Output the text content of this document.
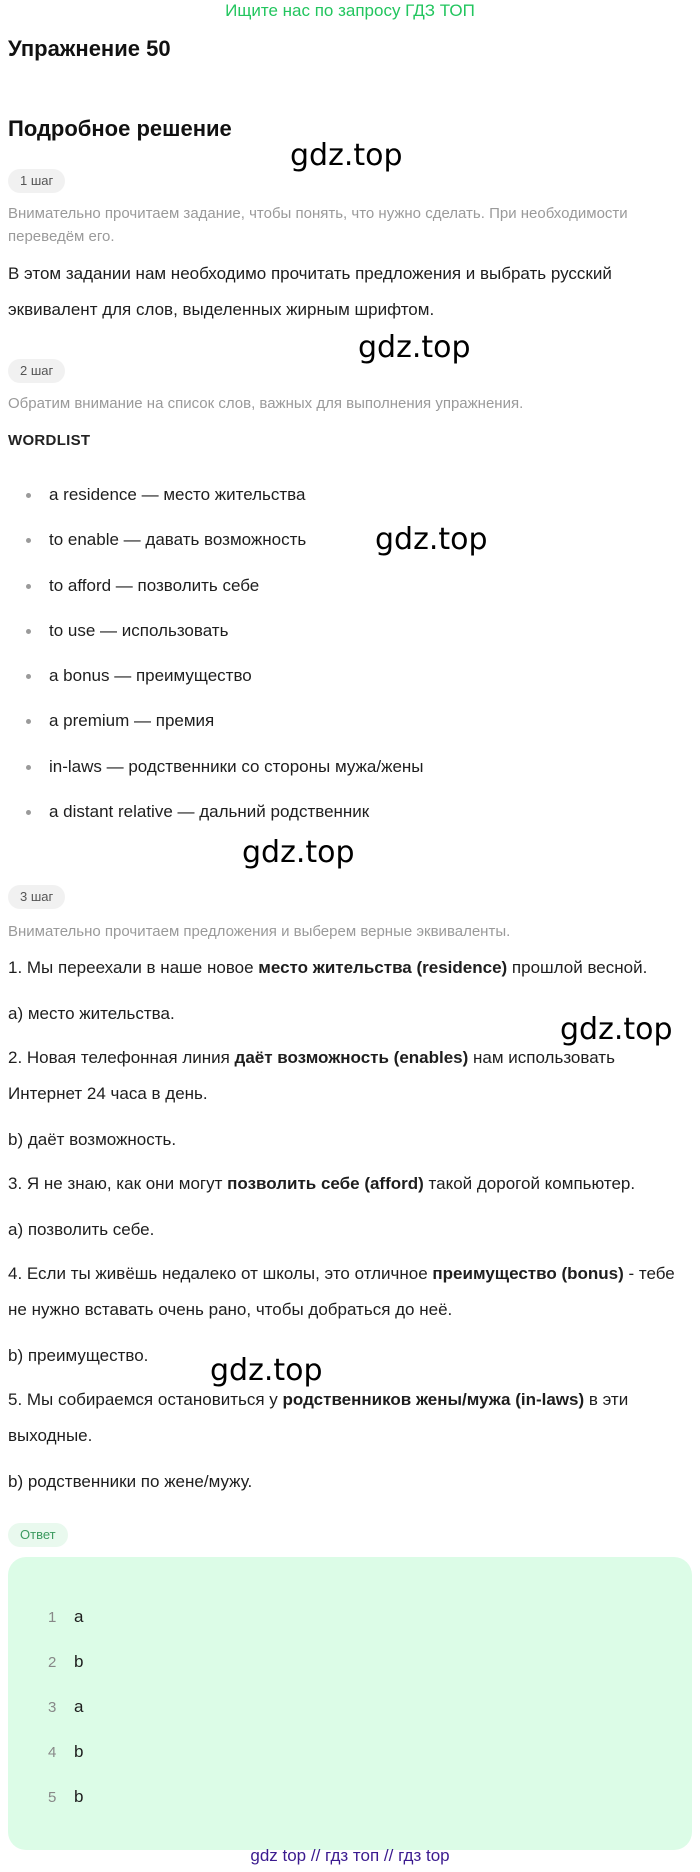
Ищите нас по запросу ГДЗ ТОП
Упражнение 50
Подробное решение
gdz.top
gdz.top
gdz.top
gdz.top
gdz.top
gdz.top
1 шаг
Внимательно прочитаем задание, чтобы понять, что нужно сделать. При необходимости переведём его.
В этом задании нам необходимо прочитать предложения и выбрать русский эквивалент для слов, выделенных жирным шрифтом.
2 шаг
Обратим внимание на список слов, важных для выполнения упражнения.
WORDLIST
a residence — место жительства
to enable — давать возможность
to afford — позволить себе
to use — использовать
a bonus — преимущество
a premium — премия
in-laws — родственники со стороны мужа/жены
a distant relative — дальний родственник
3 шаг
Внимательно прочитаем предложения и выберем верные эквиваленты.
1. Мы переехали в наше новое место жительства (residence) прошлой весной.
a) место жительства.
2. Новая телефонная линия даёт возможность (enables) нам использовать Интернет 24 часа в день.
b) даёт возможность.
3. Я не знаю, как они могут позволить себе (afford) такой дорогой компьютер.
a) позволить себе.
4. Если ты живёшь недалеко от школы, это отличное преимущество (bonus) - тебе не нужно вставать очень рано, чтобы добраться до неё.
b) преимущество.
5. Мы собираемся остановиться у родственников жены/мужа (in-laws) в эти выходные.
b) родственники по жене/мужу.
Ответ
1 a
2 b
3 a
4 b
5 b
gdz top // гдз топ // гдз top
